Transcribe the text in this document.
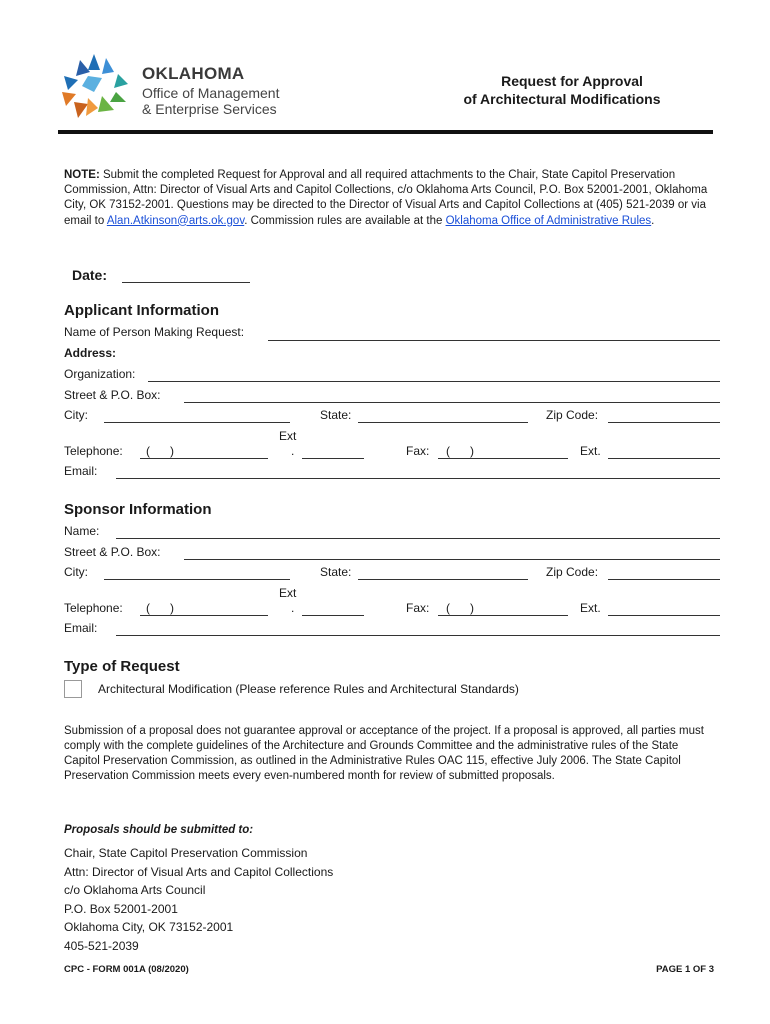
OKLAHOMA
Office of Management
& Enterprise Services
Request for Approval
of Architectural Modifications
NOTE: Submit the completed Request for Approval and all required attachments to the Chair, State Capitol Preservation Commission, Attn: Director of Visual Arts and Capitol Collections, c/o Oklahoma Arts Council, P.O. Box 52001-2001, Oklahoma City, OK 73152-2001. Questions may be directed to the Director of Visual Arts and Capitol Collections at (405) 521-2039 or via email to Alan.Atkinson@arts.ok.gov. Commission rules are available at the Oklahoma Office of Administrative Rules.
Date:
Applicant Information
Name of Person Making Request:
Address:
Organization:
Street & P.O. Box:
City:	State:	Zip Code:
Ext
Telephone: (      )	.	Fax: (      )	Ext.
Email:
Sponsor Information
Name:
Street & P.O. Box:
City:	State:	Zip Code:
Ext
Telephone: (      )	.	Fax: (      )	Ext.
Email:
Type of Request
Architectural Modification (Please reference Rules and Architectural Standards)
Submission of a proposal does not guarantee approval or acceptance of the project. If a proposal is approved, all parties must comply with the complete guidelines of the Architecture and Grounds Committee and the administrative rules of the State Capitol Preservation Commission, as outlined in the Administrative Rules OAC 115, effective July 2006. The State Capitol Preservation Commission meets every even-numbered month for review of submitted proposals.
Proposals should be submitted to:
Chair, State Capitol Preservation Commission
Attn: Director of Visual Arts and Capitol Collections
c/o Oklahoma Arts Council
P.O. Box 52001-2001
Oklahoma City, OK 73152-2001
405-521-2039
CPC - FORM 001A (08/2020)	PAGE 1 OF 3
